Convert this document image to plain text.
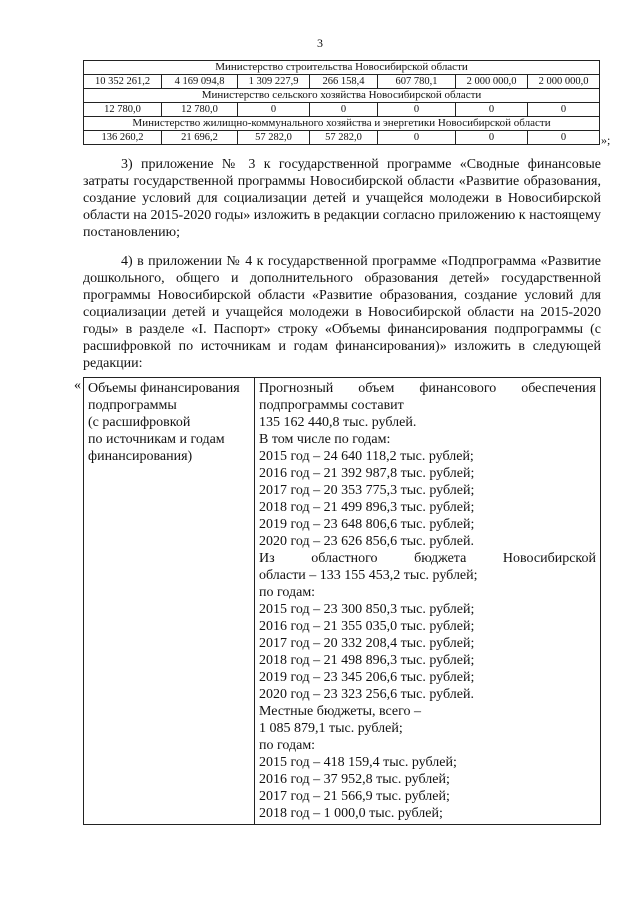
3
Министерство строительства Новосибирской области						
10 352 261,2	4 169 094,8	1 309 227,9	266 158,4	607 780,1	2 000 000,0	2 000 000,0
Министерство сельского хозяйства Новосибирской области						
12 780,0	12 780,0	0	0	0	0	0
Министерство жилищно-коммунального хозяйства и энергетики Новосибирской области						
136 260,2	21 696,2	57 282,0	57 282,0	0	0	0	»;
3) приложение № 3 к государственной программе «Сводные финансовые затраты государственной программы Новосибирской области «Развитие образования, создание условий для социализации детей и учащейся молодежи в Новосибирской области на 2015-2020 годы» изложить в редакции согласно приложению к настоящему постановлению;
4) в приложении № 4 к государственной программе «Подпрограмма «Развитие дошкольного, общего и дополнительного образования детей» государственной программы Новосибирской области «Развитие образования, создание условий для социализации детей и учащейся молодежи в Новосибирской области на 2015-2020 годы» в разделе «I. Паспорт» строку «Объемы финансирования подпрограммы (с расшифровкой по источникам и годам финансирования)» изложить в следующей редакции:
« Объемы финансирования
подпрограммы
(с расшифровкой
по источникам и годам
финансирования)

Прогнозный объем финансового обеспечения
подпрограммы составит
135 162 440,8 тыс. рублей.
В том числе по годам:
2015 год – 24 640 118,2 тыс. рублей;
2016 год – 21 392 987,8 тыс. рублей;
2017 год – 20 353 775,3 тыс. рублей;
2018 год – 21 499 896,3 тыс. рублей;
2019 год – 23 648 806,6 тыс. рублей;
2020 год – 23 626 856,6 тыс. рублей.
Из областного бюджета Новосибирской
области – 133 155 453,2 тыс. рублей;
по годам:
2015 год – 23 300 850,3 тыс. рублей;
2016 год – 21 355 035,0 тыс. рублей;
2017 год – 20 332 208,4 тыс. рублей;
2018 год – 21 498 896,3 тыс. рублей;
2019 год – 23 345 206,6 тыс. рублей;
2020 год – 23 323 256,6 тыс. рублей.
Местные бюджеты, всего –
1 085 879,1 тыс. рублей;
по годам:
2015 год – 418 159,4 тыс. рублей;
2016 год – 37 952,8 тыс. рублей;
2017 год – 21 566,9 тыс. рублей;
2018 год – 1 000,0 тыс. рублей;
